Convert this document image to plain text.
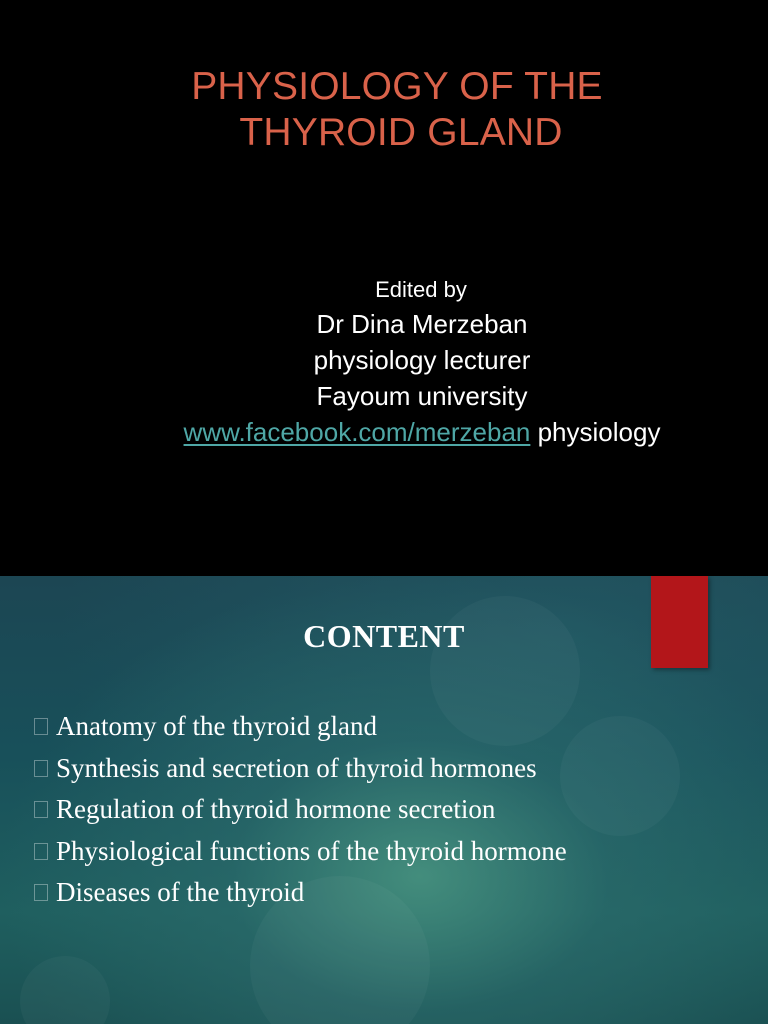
PHYSIOLOGY OF THE
THYROID GLAND
Edited by
Dr Dina Merzeban
physiology lecturer
Fayoum university
www.facebook.com/merzeban physiology
CONTENT
Anatomy of the thyroid gland
Synthesis and secretion of thyroid hormones
Regulation of thyroid hormone secretion
Physiological functions of the thyroid hormone
Diseases of the thyroid
